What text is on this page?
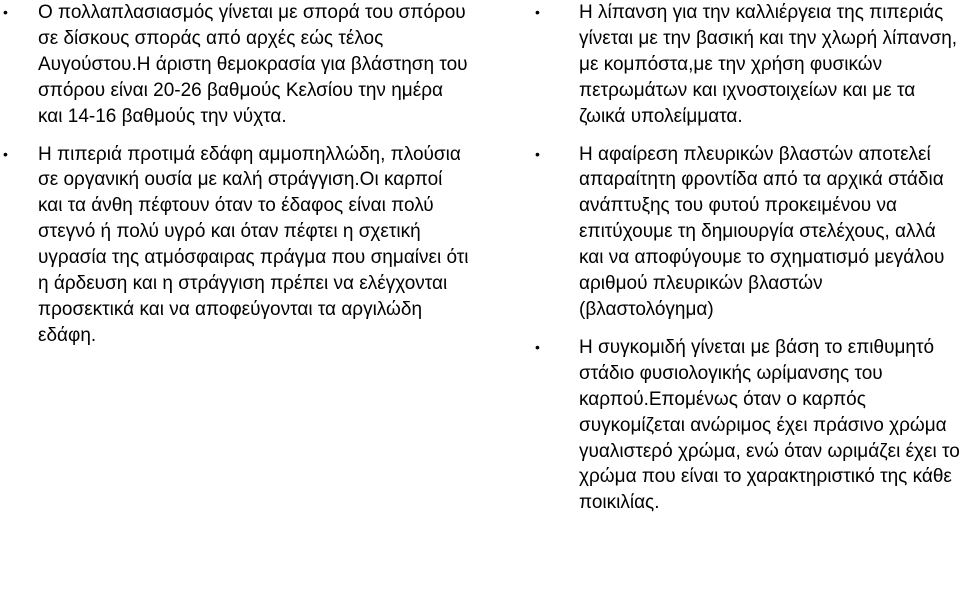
• Ο πολλαπλασιασμός γίνεται με σπορά του σπόρου σε δίσκους σποράς από αρχές εώς τέλος Αυγούστου.Η άριστη θεμοκρασία για βλάστηση του σπόρου είναι 20-26 βαθμούς Κελσίου την ημέρα και 14-16 βαθμούς την νύχτα.
• Η πιπεριά προτιμά εδάφη αμμοπηλλώδη, πλούσια σε οργανική ουσία με καλή στράγγιση.Οι καρποί και τα άνθη πέφτουν όταν το έδαφος είναι πολύ στεγνό ή πολύ υγρό και όταν πέφτει η σχετική υγρασία της ατμόσφαιρας πράγμα που σημαίνει ότι η άρδευση και η στράγγιση πρέπει να ελέγχονται προσεκτικά και να αποφεύγονται τα αργιλώδη εδάφη.
• Η λίπανση για την καλλιέργεια της πιπεριάς γίνεται με την βασική και την χλωρή λίπανση, με κομπόστα,με την χρήση φυσικών πετρωμάτων και ιχνοστοιχείων και με τα ζωικά υπολείμματα.
• Η αφαίρεση πλευρικών βλαστών αποτελεί απαραίτητη φροντίδα από τα αρχικά στάδια ανάπτυξης του φυτού προκειμένου να επιτύχουμε τη δημιουργία στελέχους, αλλά και να αποφύγουμε το σχηματισμό μεγάλου αριθμού πλευρικών βλαστών (βλαστολόγημα)
• Η συγκομιδή γίνεται με βάση το επιθυμητό στάδιο φυσιολογικής ωρίμανσης του καρπού.Επομένως όταν ο καρπός συγκομίζεται ανώριμος έχει πράσινο χρώμα γυαλιστερό χρώμα, ενώ όταν ωριμάζει έχει το χρώμα που είναι το χαρακτηριστικό της κάθε ποικιλίας.
